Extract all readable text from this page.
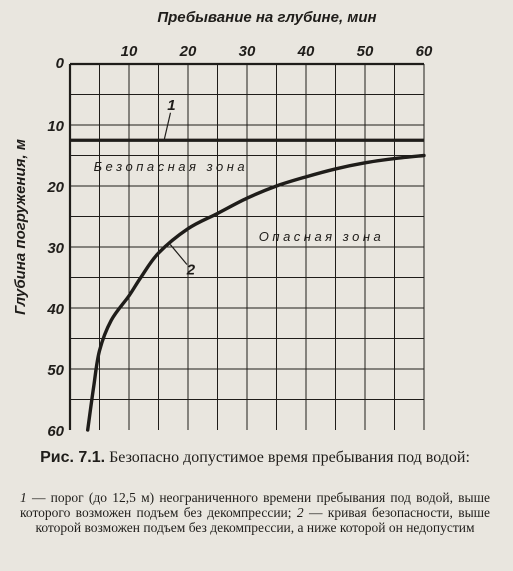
10	20	30	40	50	60
0
10
20
30
40
50
60
Пребывание на глубине, мин
Глубина погружения, м
1
2
Безопасная зона
Опасная зона
Рис. 7.1. Безопасно допустимое время пребывания под водой:
1 — порог (до 12,5 м) неограниченного времени пребывания под водой, выше которого возможен подъем без декомпрессии; 2 — кривая безопасности, выше которой возможен подъем без декомпрессии, а ниже которой он недопустим
